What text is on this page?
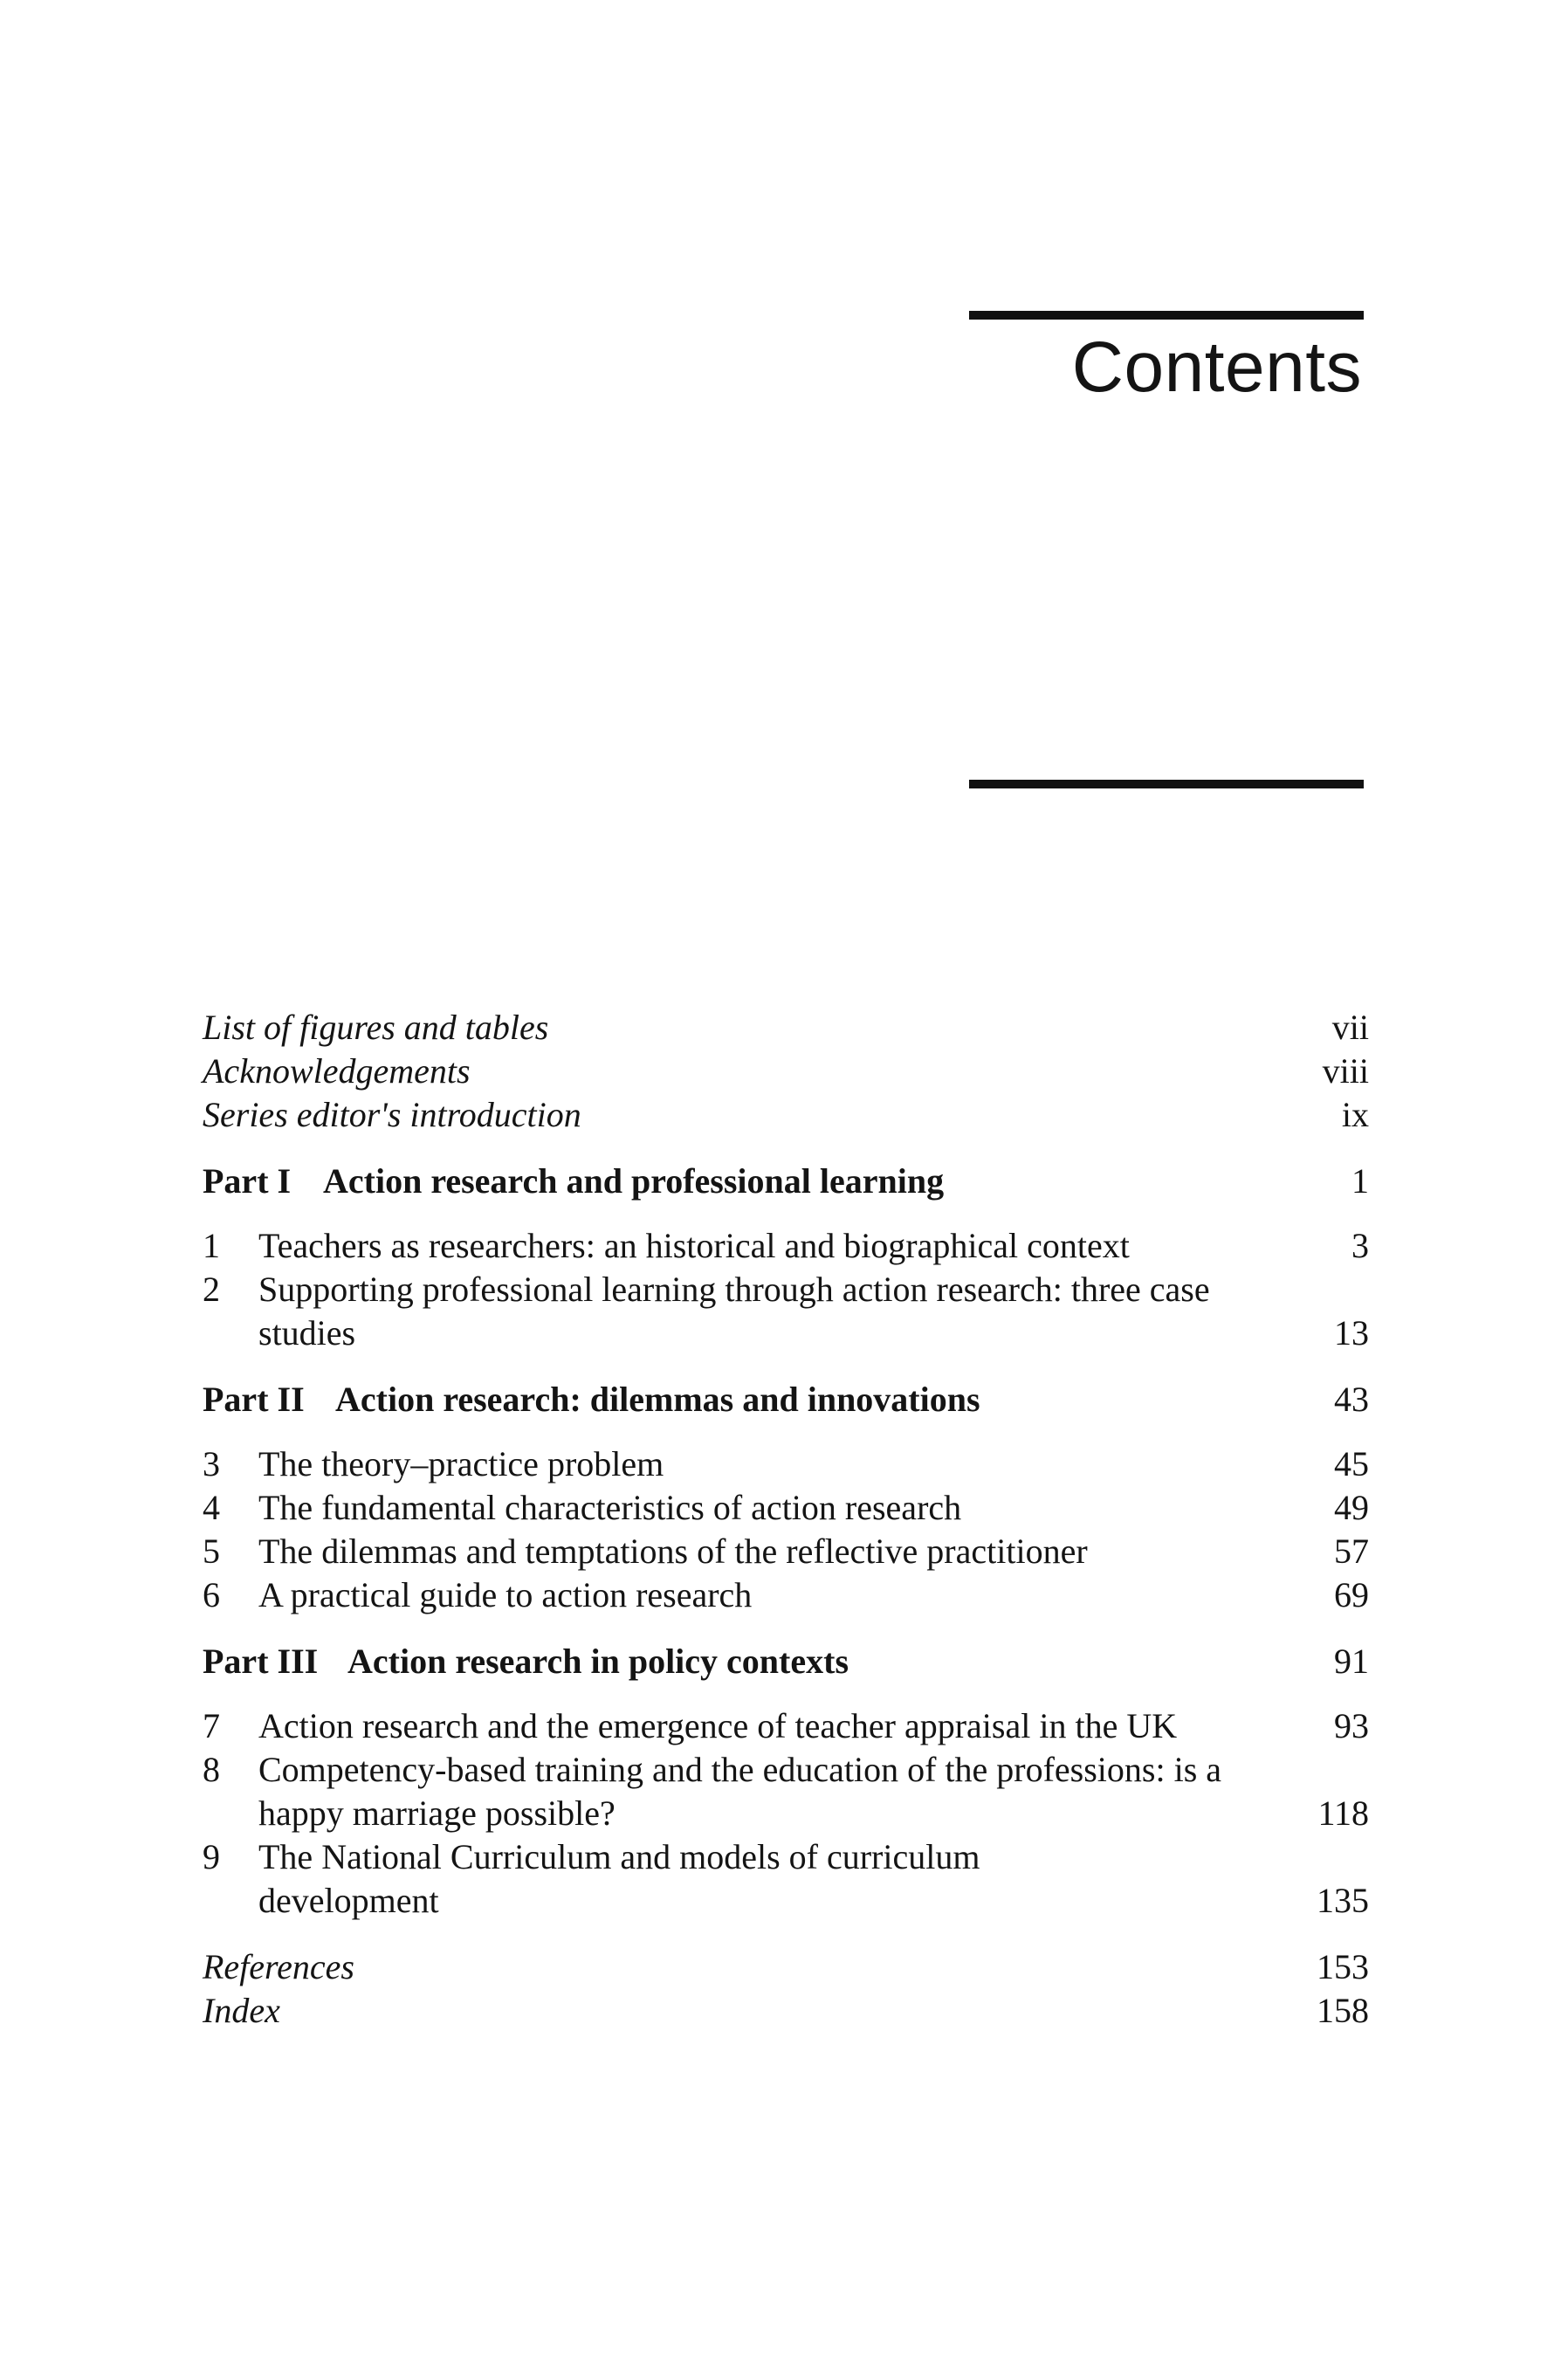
Contents
List of figures and tables	vii
Acknowledgements	viii
Series editor's introduction	ix
Part I Action research and professional learning	1
1	Teachers as researchers: an historical and biographical context	3
2	Supporting professional learning through action research: three case studies	13
Part II Action research: dilemmas and innovations	43
3	The theory–practice problem	45
4	The fundamental characteristics of action research	49
5	The dilemmas and temptations of the reflective practitioner	57
6	A practical guide to action research	69
Part III Action research in policy contexts	91
7	Action research and the emergence of teacher appraisal in the UK	93
8	Competency-based training and the education of the professions: is a happy marriage possible?	118
9	The National Curriculum and models of curriculum development	135
References	153
Index	158
